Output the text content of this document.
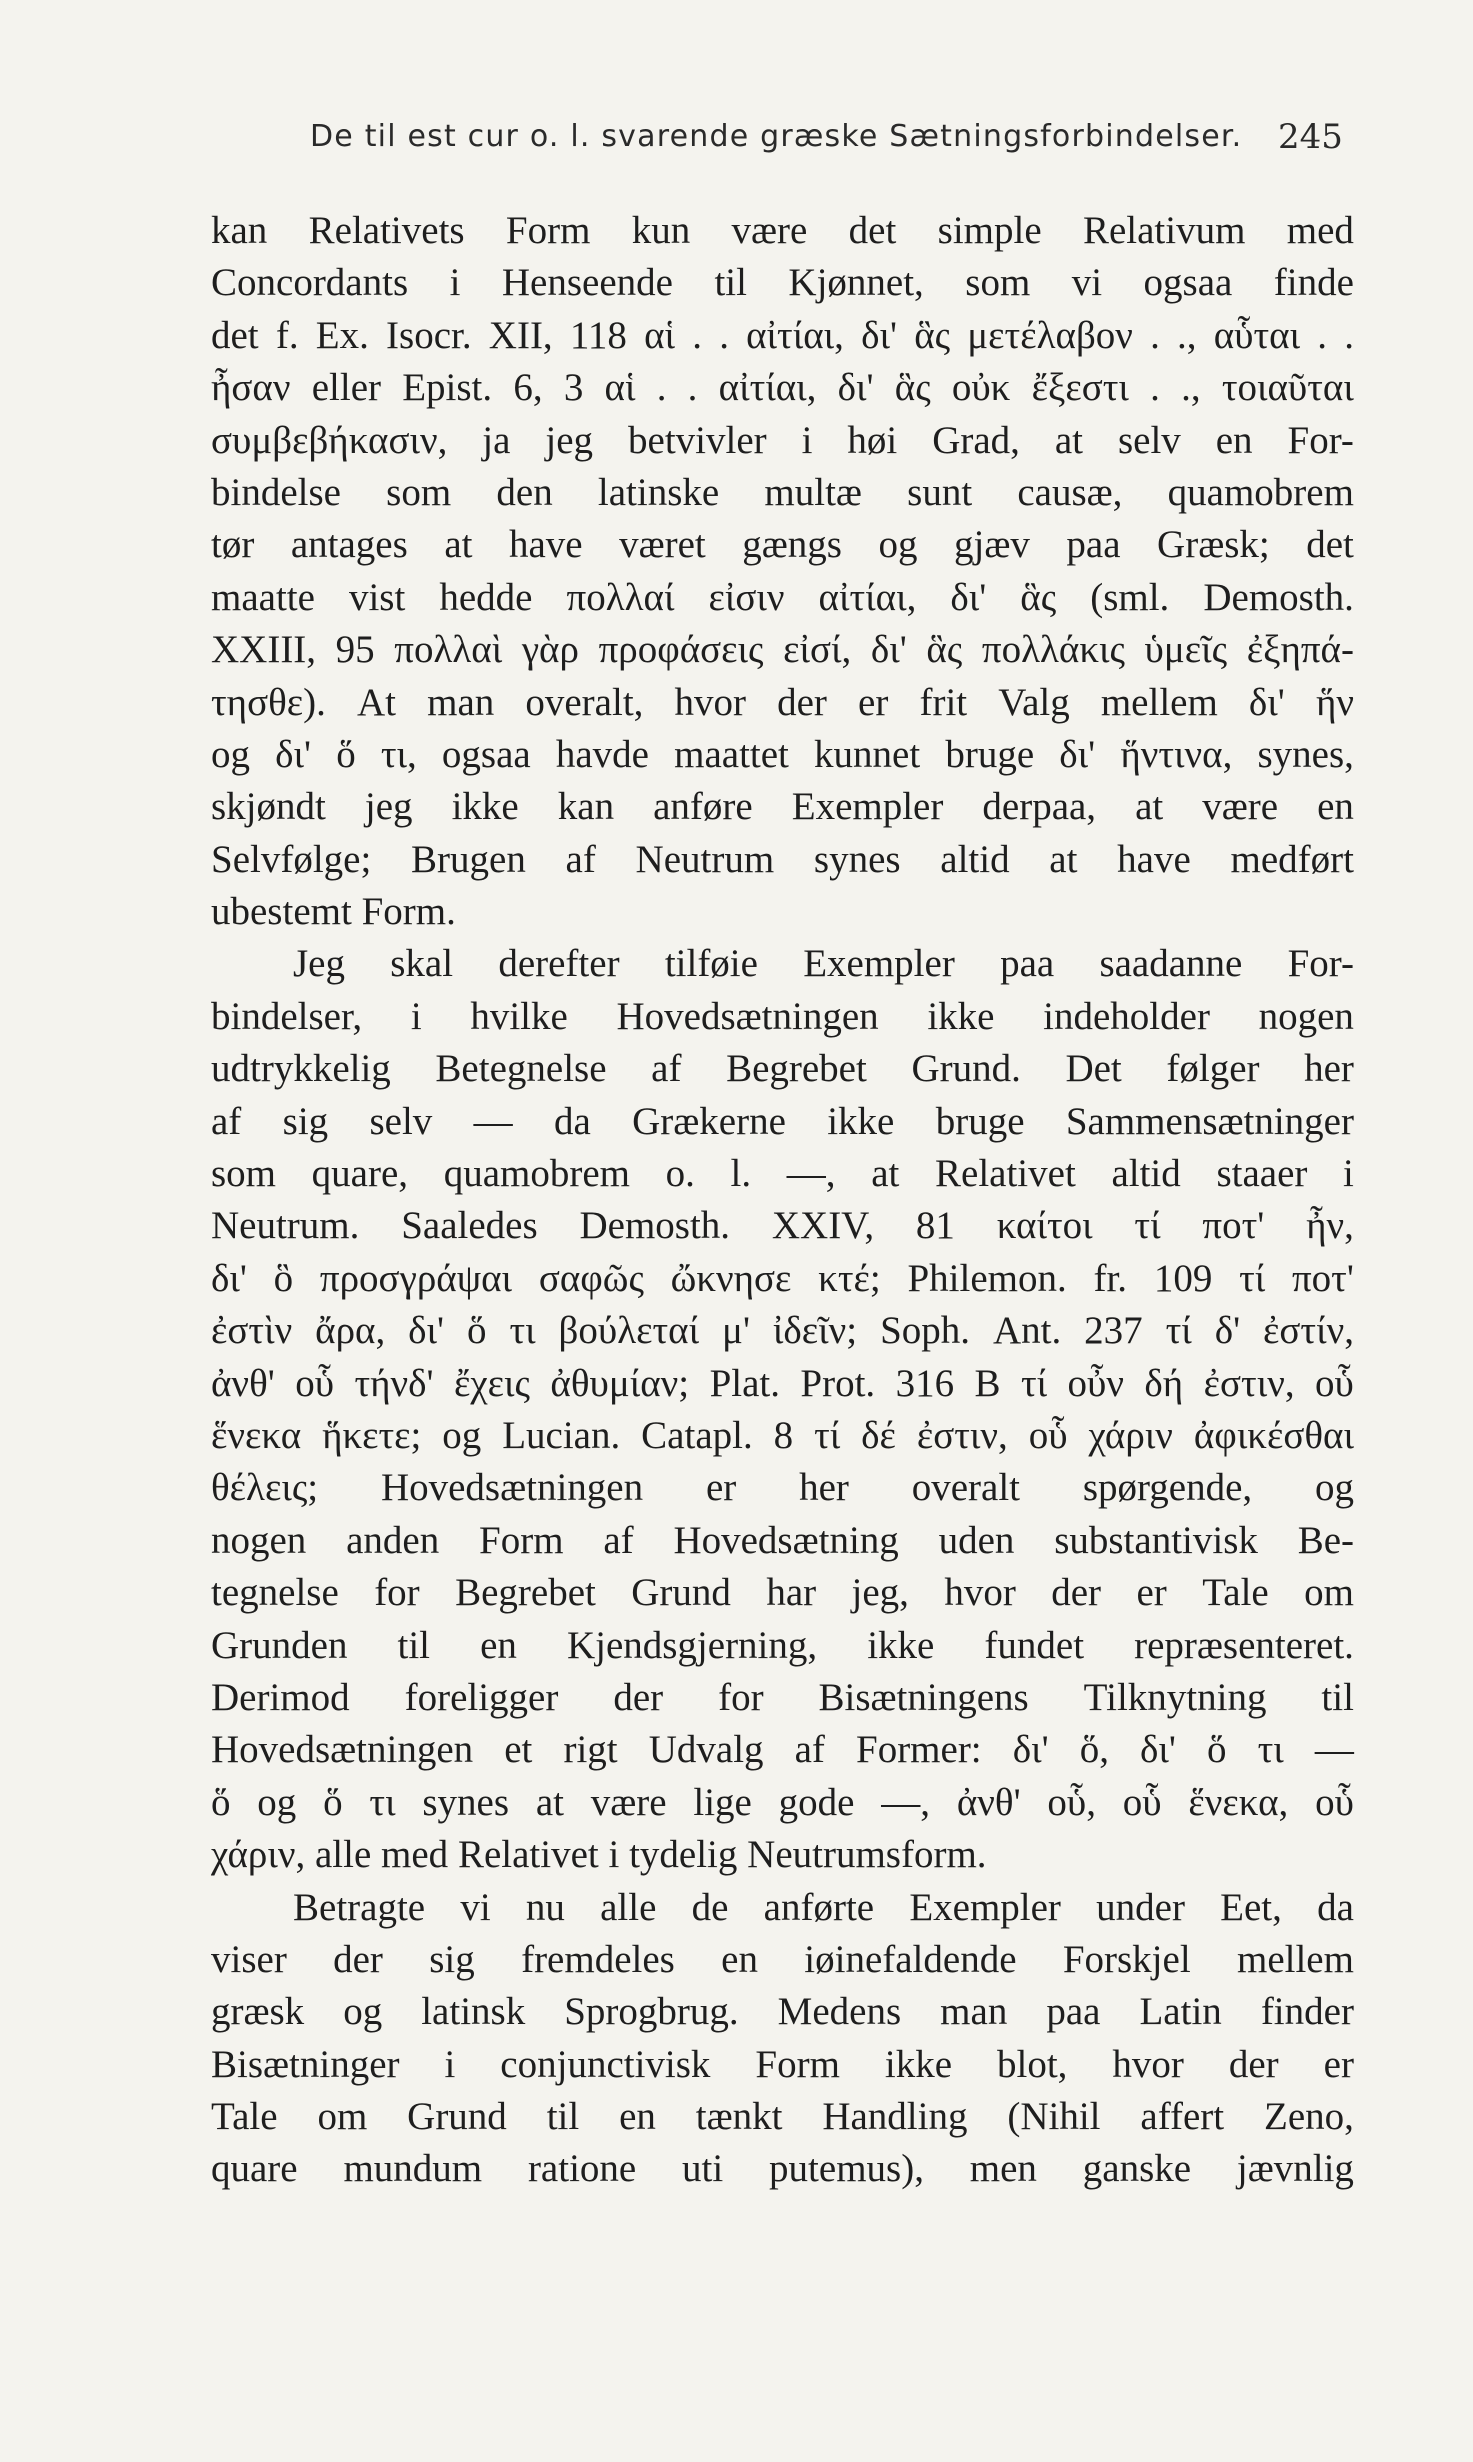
De til est cur o. l. svarende græske Sætningsforbindelser. 245
kan Relativets Form kun være det simple Relativum med
Concordants i Henseende til Kjønnet, som vi ogsaa finde
det f. Ex. Isocr. XII, 118 αἱ . . αἰτίαι, δι' ἃς μετέλαβον . ., αὗται . .
ἦσαν eller Epist. 6, 3 αἱ . . αἰτίαι, δι' ἃς οὐκ ἔξεστι . ., τοιαῦται
συμβεβήκασιν, ja jeg betvivler i høi Grad, at selv en For-
bindelse som den latinske multæ sunt causæ, quamobrem
tør antages at have været gængs og gjæv paa Græsk; det
maatte vist hedde πολλαί εἰσιν αἰτίαι, δι' ἃς (sml. Demosth.
XXIII, 95 πολλαὶ γὰρ προφάσεις εἰσί, δι' ἃς πολλάκις ὑμεῖς ἐξηπά-
τησθε). At man overalt, hvor der er frit Valg mellem δι' ἥν
og δι' ὅ τι, ogsaa havde maattet kunnet bruge δι' ἥντινα, synes,
skjøndt jeg ikke kan anføre Exempler derpaa, at være en
Selvfølge; Brugen af Neutrum synes altid at have medført
ubestemt
Form.
Jeg skal derefter tilføie Exempler paa saadanne For-
bindelser, i hvilke Hovedsætningen ikke indeholder nogen
udtrykkelig Betegnelse af Begrebet Grund. Det følger her
af sig selv — da Grækerne ikke bruge Sammensætninger
som quare, quamobrem o. l. —, at Relativet altid staaer i
Neutrum. Saaledes Demosth. XXIV, 81 καίτοι τί ποτ' ἦν,
δι' ὃ προσγράψαι σαφῶς ὤκνησε κτέ; Philemon. fr. 109 τί ποτ'
ἐστὶν ἄρα, δι' ὅ τι βούλεταί μ' ἰδεῖν; Soph. Ant. 237 τί δ' ἐστίν,
ἀνθ' οὗ τήνδ' ἔχεις ἀθυμίαν; Plat. Prot. 316 B τί οὖν δή ἐστιν, οὗ
ἕνεκα ἥκετε; og Lucian. Catapl. 8 τί δέ ἐστιν, οὗ χάριν ἀφικέσθαι
θέλεις; Hovedsætningen er her overalt spørgende, og
nogen anden Form af Hovedsætning uden substantivisk Be-
tegnelse for Begrebet Grund har jeg, hvor der er Tale om
Grunden til en Kjendsgjerning, ikke fundet repræsenteret.
Derimod foreligger der for Bisætningens Tilknytning til
Hovedsætningen et rigt Udvalg af Former: δι' ὅ, δι' ὅ τι —
ὅ og ὅ τι synes at være lige gode —, ἀνθ' οὗ, οὗ ἕνεκα, οὗ
χάριν,
alle
med
Relativet
i
tydelig
Neutrumsform.
Betragte vi nu alle de anførte Exempler under Eet, da
viser der sig fremdeles en iøinefaldende Forskjel mellem
græsk og latinsk Sprogbrug. Medens man paa Latin finder
Bisætninger i conjunctivisk Form ikke blot, hvor der er
Tale om Grund til en tænkt Handling (Nihil affert Zeno,
quare mundum ratione uti putemus), men ganske jævnlig
